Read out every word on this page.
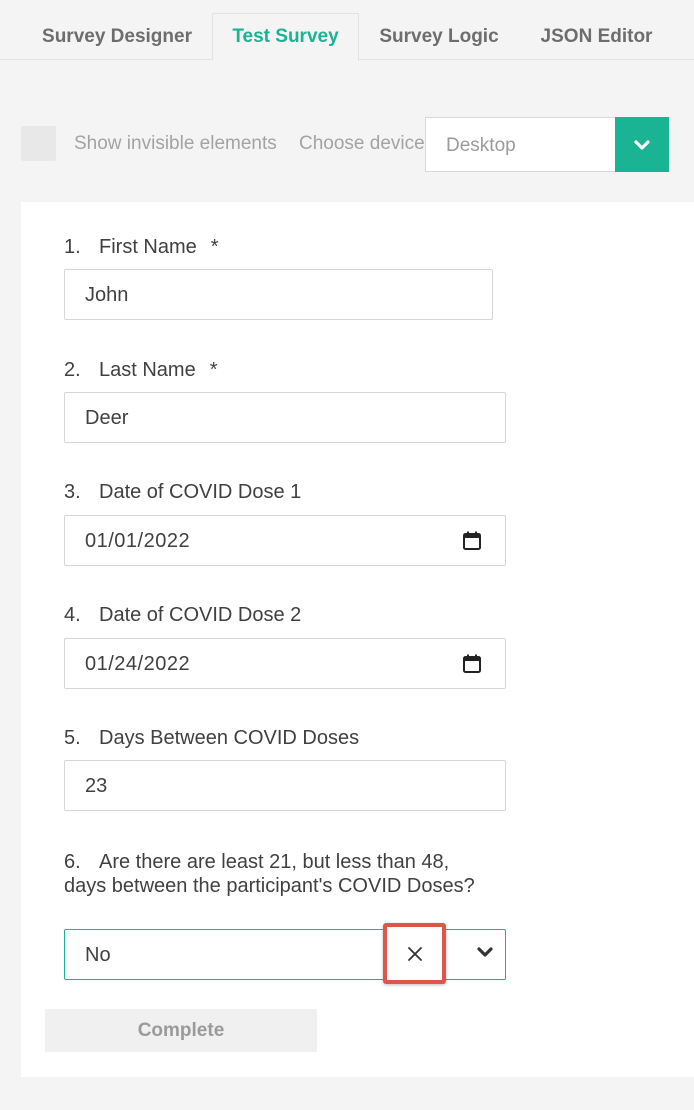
Survey Designer	Test Survey	Survey Logic	JSON Editor
Show invisible elements Choose device Desktop
1. First Name *
John
2. Last Name *
Deer
3. Date of COVID Dose 1
01/01/2022
4. Date of COVID Dose 2
01/24/2022
5. Days Between COVID Doses
23
6. Are there are least 21, but less than 48, days between the participant's COVID Doses?
No
Complete
